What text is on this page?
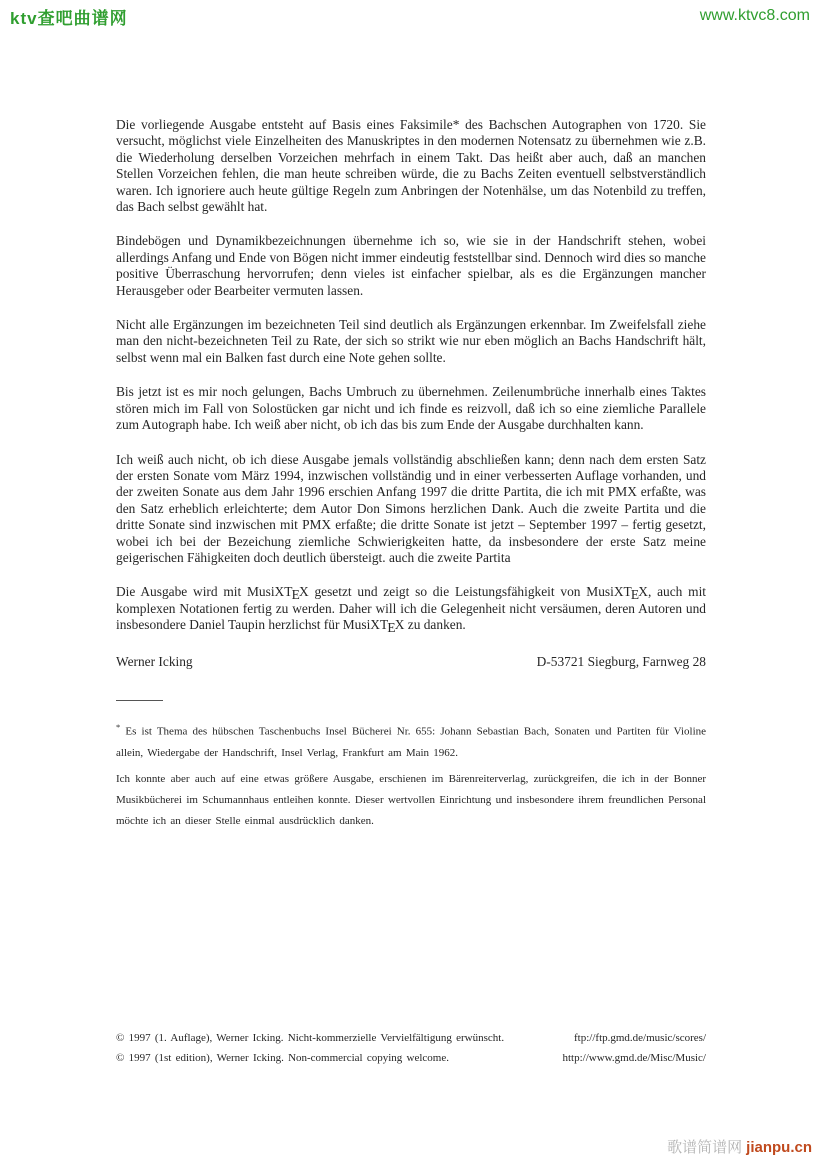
ktv查吧曲谱网	www.ktvc8.com

Die vorliegende Ausgabe entsteht auf Basis eines Faksimile* des Bachschen Autographen von 1720. Sie versucht, möglichst viele Einzelheiten des Manuskriptes in den modernen Notensatz zu übernehmen wie z.B. die Wiederholung derselben Vorzeichen mehrfach in einem Takt. Das heißt aber auch, daß an manchen Stellen Vorzeichen fehlen, die man heute schreiben würde, die zu Bachs Zeiten eventuell selbstverständlich waren. Ich ignoriere auch heute gültige Regeln zum Anbringen der Notenhälse, um das Notenbild zu treffen, das Bach selbst gewählt hat.

Bindebögen und Dynamikbezeichnungen übernehme ich so, wie sie in der Handschrift stehen, wobei allerdings Anfang und Ende von Bögen nicht immer eindeutig feststellbar sind. Dennoch wird dies so manche positive Überraschung hervorrufen; denn vieles ist einfacher spielbar, als es die Ergänzungen mancher Herausgeber oder Bearbeiter vermuten lassen.

Nicht alle Ergänzungen im bezeichneten Teil sind deutlich als Ergänzungen erkennbar. Im Zweifelsfall ziehe man den nicht-bezeichneten Teil zu Rate, der sich so strikt wie nur eben möglich an Bachs Handschrift hält, selbst wenn mal ein Balken fast durch eine Note gehen sollte.

Bis jetzt ist es mir noch gelungen, Bachs Umbruch zu übernehmen. Zeilenumbrüche innerhalb eines Taktes stören mich im Fall von Solostücken gar nicht und ich finde es reizvoll, daß ich so eine ziemliche Parallele zum Autograph habe. Ich weiß aber nicht, ob ich das bis zum Ende der Ausgabe durchhalten kann.

Ich weiß auch nicht, ob ich diese Ausgabe jemals vollständig abschließen kann; denn nach dem ersten Satz der ersten Sonate vom März 1994, inzwischen vollständig und in einer verbesserten Auflage vorhanden, und der zweiten Sonate aus dem Jahr 1996 erschien Anfang 1997 die dritte Partita, die ich mit PMX erfaßte, was den Satz erheblich erleichterte; dem Autor Don Simons herzlichen Dank. Auch die zweite Partita und die dritte Sonate sind inzwischen mit PMX erfaßte; die dritte Sonate ist jetzt – September 1997 – fertig gesetzt, wobei ich bei der Bezeichung ziemliche Schwierigkeiten hatte, da insbesondere der erste Satz meine geigerischen Fähigkeiten doch deutlich übersteigt. auch die zweite Partita

Die Ausgabe wird mit MusiXTEX gesetzt und zeigt so die Leistungsfähigkeit von MusiXTEX, auch mit komplexen Notationen fertig zu werden. Daher will ich die Gelegenheit nicht versäumen, deren Autoren und insbesondere Daniel Taupin herzlichst für MusiXTEX zu danken.

Werner Icking	D-53721 Siegburg, Farnweg 28

* Es ist Thema des hübschen Taschenbuchs Insel Bücherei Nr. 655: Johann Sebastian Bach, Sonaten und Partiten für Violine allein, Wiedergabe der Handschrift, Insel Verlag, Frankfurt am Main 1962.

Ich konnte aber auch auf eine etwas größere Ausgabe, erschienen im Bärenreiterverlag, zurückgreifen, die ich in der Bonner Musikbücherei im Schumannhaus entleihen konnte. Dieser wertvollen Einrichtung und insbesondere ihrem freundlichen Personal möchte ich an dieser Stelle einmal ausdrücklich danken.

© 1997 (1. Auflage), Werner Icking. Nicht-kommerzielle Vervielfältigung erwünscht.	ftp://ftp.gmd.de/music/scores/
© 1997 (1st edition), Werner Icking. Non-commercial copying welcome.	http://www.gmd.de/Misc/Music/
歌谱简谱网 jianpu.cn
